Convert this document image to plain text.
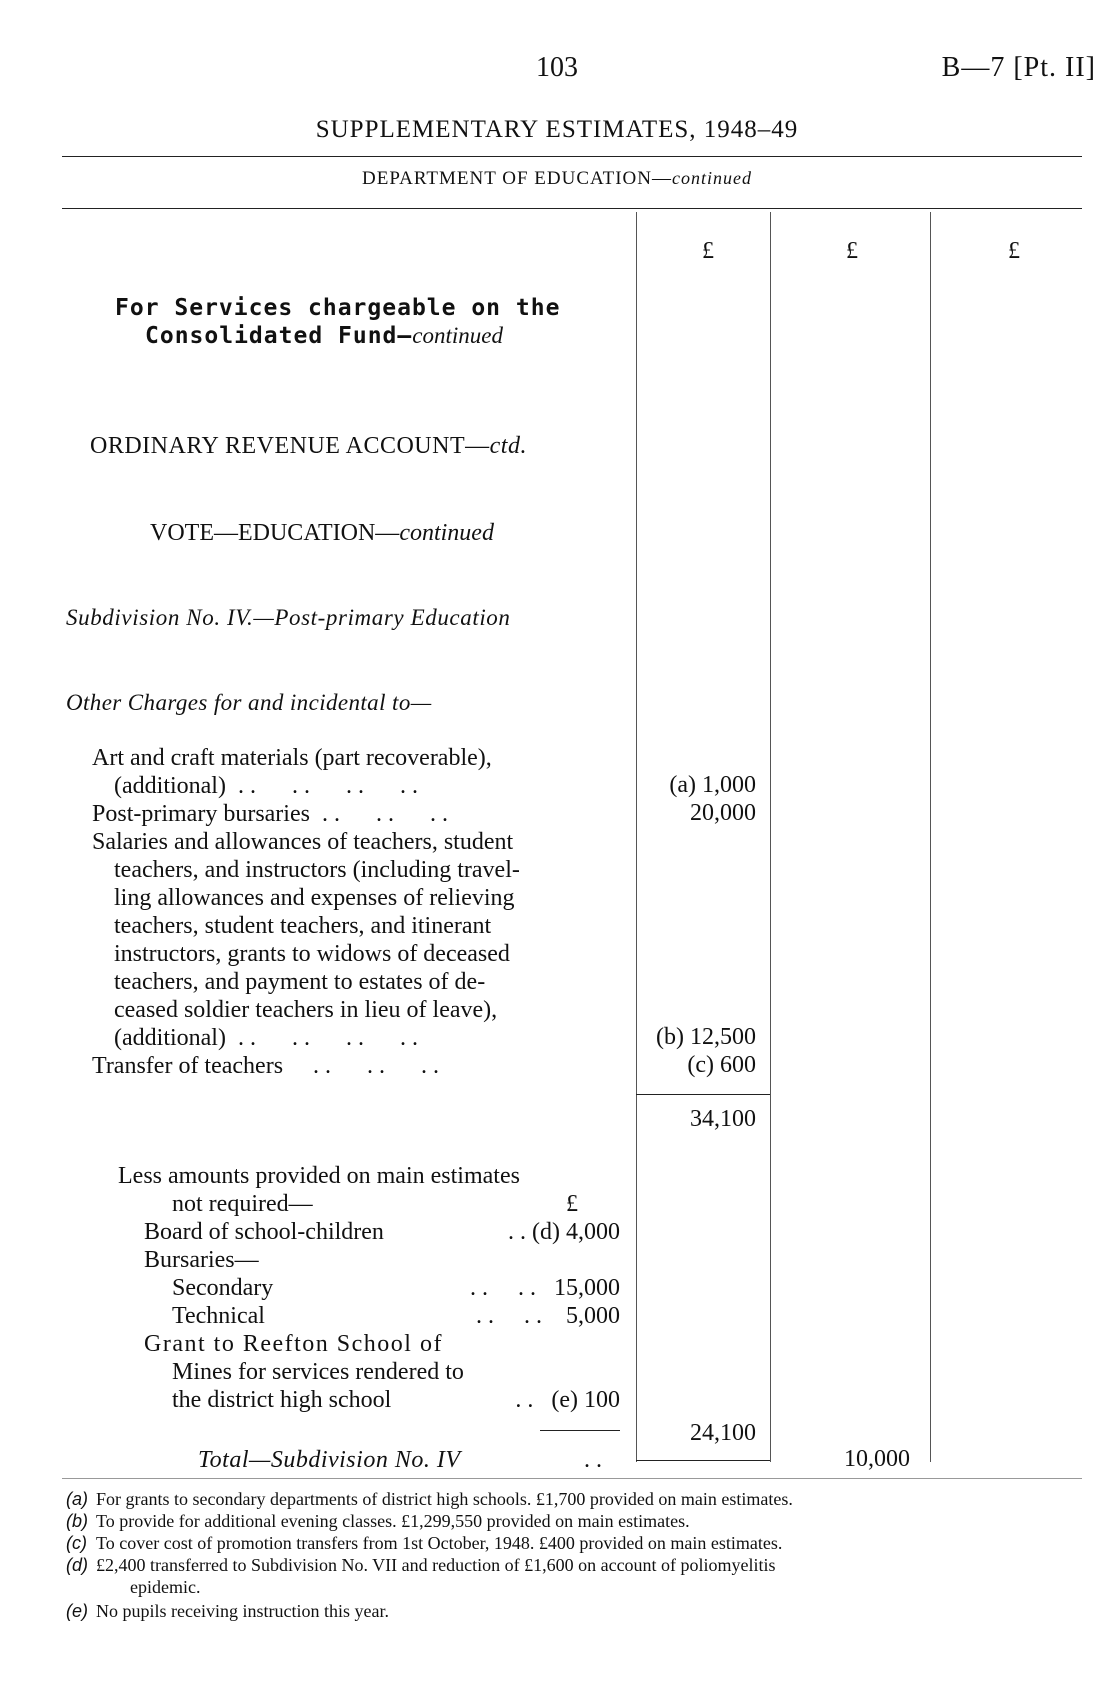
103	B—7 [Pt. II]
SUPPLEMENTARY ESTIMATES, 1948–49
DEPARTMENT OF EDUCATION—continued
£	£	£
For Services chargeable on the
Consolidated Fund—continued
ORDINARY REVENUE ACCOUNT—ctd.
VOTE—EDUCATION—continued
Subdivision No. IV.—Post-primary Education
Other Charges for and incidental to—
Art and craft materials (part recoverable),
(additional)  . .      . .      . .      . .	(a) 1,000
Post-primary bursaries  . .      . .      . .	20,000
Salaries and allowances of teachers, student
teachers, and instructors (including travel-
ling allowances and expenses of relieving
teachers, student teachers, and itinerant
instructors, grants to widows of deceased
teachers, and payment to estates of de-
ceased soldier teachers in lieu of leave),
(additional)  . .      . .      . .      . .	(b) 12,500
Transfer of teachers     . .      . .      . .	(c) 600
34,100
Less amounts provided on main estimates
not required—	£
Board of school-children	. . (d) 4,000
Bursaries—
Secondary	. .     . .   15,000
Technical	. .     . .    5,000
Grant to Reefton School of
Mines for services rendered to
the district high school	. .   (e) 100
24,100
Total—Subdivision No. IV	. .	10,000
(a) For grants to secondary departments of district high schools. £1,700 provided on main estimates.
(b) To provide for additional evening classes. £1,299,550 provided on main estimates.
(c) To cover cost of promotion transfers from 1st October, 1948. £400 provided on main estimates.
(d) £2,400 transferred to Subdivision No. VII and reduction of £1,600 on account of poliomyelitis
epidemic.
(e) No pupils receiving instruction this year.
